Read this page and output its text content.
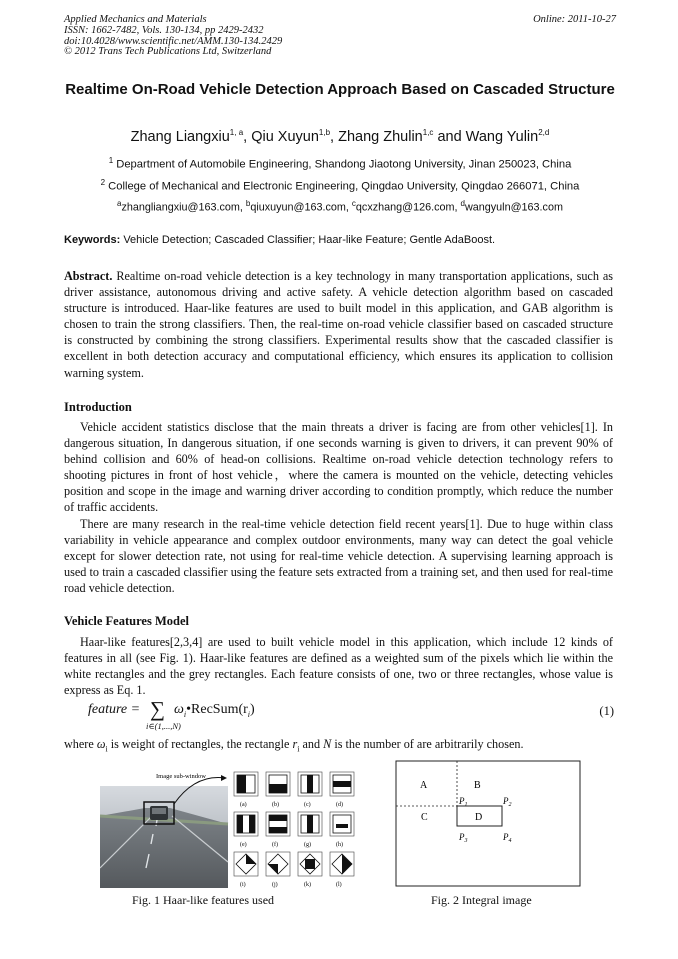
Applied Mechanics and Materials
ISSN: 1662-7482, Vols. 130-134, pp 2429-2432
doi:10.4028/www.scientific.net/AMM.130-134.2429
© 2012 Trans Tech Publications Ltd, Switzerland
Online: 2011-10-27
Realtime On-Road Vehicle Detection Approach Based on Cascaded Structure
Zhang Liangxiu$^{1, a}$, Qiu Xuyun$^{1,b}$, Zhang Zhulin$^{1,c}$ and Wang Yulin$^{2,d}$
$^1$ Department of Automobile Engineering, Shandong Jiaotong University, Jinan 250023, China
$^2$ College of Mechanical and Electronic Engineering, Qingdao University, Qingdao 266071, China
$^a$zhangliangxiu@163.com, $^b$qiuxuyun@163.com, $^c$qcxzhang@126.com, $^d$wangyuln@163.com
Keywords: Vehicle Detection; Cascaded Classifier; Haar-like Feature; Gentle AdaBoost.

Abstract. Realtime on-road vehicle detection is a key technology in many transportation applications, such as driver assistance, autonomous driving and active safety. A vehicle detection algorithm based on cascaded structure is introduced. Haar-like features are used to built model in this application, and GAB algorithm is chosen to train the strong classifiers. Then, the real-time on-road vehicle classifier based on cascaded structure is constructed by combining the strong classifiers. Experimental results show that the cascaded classifier is excellent in both detection accuracy and computational efficiency, which ensures its application to collision warning system.

Introduction

Vehicle accident statistics disclose that the main threats a driver is facing are from other vehicles[1]. In dangerous situation, In dangerous situation, if one seconds warning is given to drivers, it can prevent 90% of behind collision and 60% of head-on collisions. Realtime on-road vehicle detection technology refers to shooting pictures in front of host vehicle，where the camera is mounted on the vehicle, detecting vehicles position and scope in the image and warning driver according to condition promptly, which reduce the number of traffic accidents.

There are many research in the real-time vehicle detection field recent years[1]. Due to huge within class variability in vehicle appearance and complex outdoor environments, many way can detect the goal vehicle except for slower detection rate, not using for real-time vehicle detection. A supervising learning approach is used to train a cascaded classifier using the feature sets extracted from a training set, and then used for real-time road vehicle detection.

Vehicle Features Model

Haar-like features[2,3,4] are used to built vehicle model in this application, which include 12 kinds of features in all (see Fig. 1). Haar-like features are defined as a weighted sum of the pixels which lie within the white rectangles and the grey rectangles. Each feature consists of one, two or three rectangles, whose value is express as Eq. 1.

feature = ∑ $\omega_i•RecSum(r_i)$
i∈(1,...,N)
(1)

where $\omega_i$ is weight of rectangles, the rectangle $r_i$ and N is the number of are arbitrarily chosen.

Image sub-window
(a)	(b)	(c)	(d)
(e)	(f)	(g)	(h)
(i)	(j)	(k)	(l)
Fig. 1 Haar-like features used
A	B
C	D
$P_1$	$P_2$
$P_3$	$P_4$
Fig. 2 Integral image
